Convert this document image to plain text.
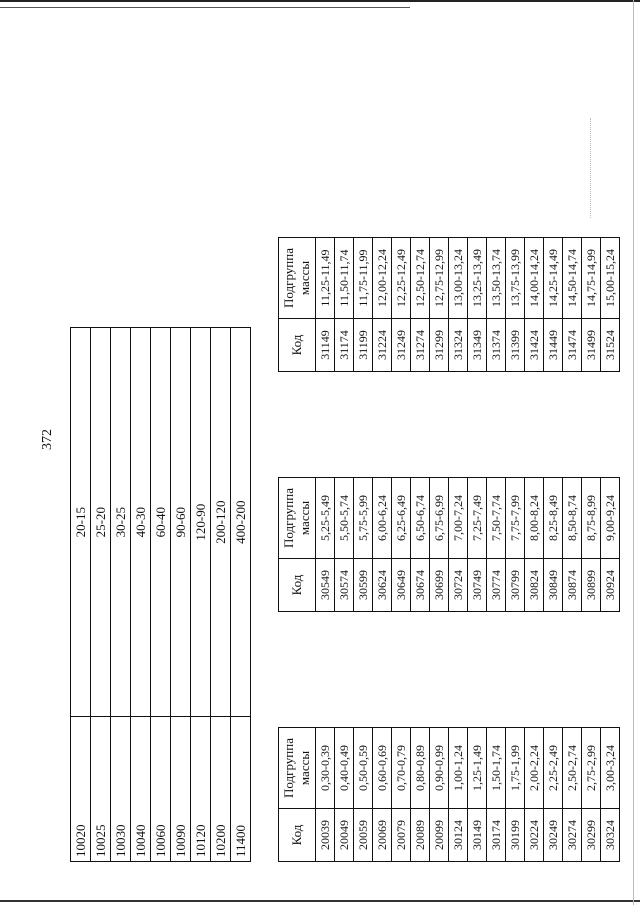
372
10020	20-15
10025	25-20
10030	30-25
10040	40-30
10060	60-40
10090	90-60
10120	120-90
10200	200-120
11400	400-200
Код	Подгруппа массы
20039	0,30-0,39
20049	0,40-0,49
20059	0,50-0,59
20069	0,60-0,69
20079	0,70-0,79
20089	0,80-0,89
20099	0,90-0,99
30124	1,00-1,24
30149	1,25-1,49
30174	1,50-1,74
30199	1,75-1,99
30224	2,00-2,24
30249	2,25-2,49
30274	2,50-2,74
30299	2,75-2,99
30324	3,00-3,24
Код	Подгруппа массы
30549	5,25-5,49
30574	5,50-5,74
30599	5,75-5,99
30624	6,00-6,24
30649	6,25-6,49
30674	6,50-6,74
30699	6,75-6,99
30724	7,00-7,24
30749	7,25-7,49
30774	7,50-7,74
30799	7,75-7,99
30824	8,00-8,24
30849	8,25-8,49
30874	8,50-8,74
30899	8,75-8,99
30924	9,00-9,24
Код	Подгруппа массы
31149	11,25-11,49
31174	11,50-11,74
31199	11,75-11,99
31224	12,00-12,24
31249	12,25-12,49
31274	12,50-12,74
31299	12,75-12,99
31324	13,00-13,24
31349	13,25-13,49
31374	13,50-13,74
31399	13,75-13,99
31424	14,00-14,24
31449	14,25-14,49
31474	14,50-14,74
31499	14,75-14,99
31524	15,00-15,24
